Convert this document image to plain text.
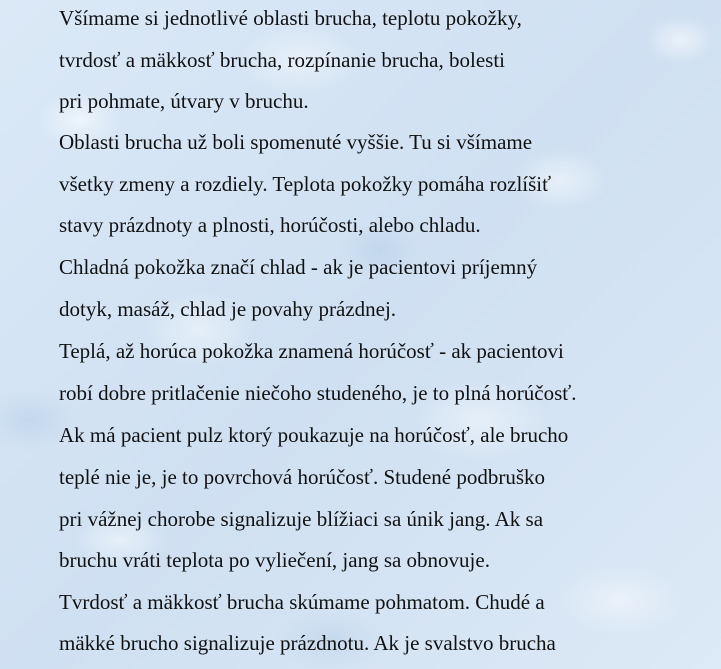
Všímame si jednotlivé oblasti brucha, teplotu pokožky,
tvrdosť a mäkkosť brucha, rozpínanie brucha, bolesti
pri pohmate, útvary v bruchu.
Oblasti brucha už boli spomenuté vyššie. Tu si všímame
všetky zmeny a rozdiely. Teplota pokožky pomáha rozlíšiť
stavy prázdnoty a plnosti, horúčosti, alebo chladu.
Chladná pokožka značí chlad - ak je pacientovi príjemný
dotyk, masáž, chlad je povahy prázdnej.
Teplá, až horúca pokožka znamená horúčosť - ak pacientovi
robí dobre pritlačenie niečoho studeného, je to plná horúčosť.
Ak má pacient pulz ktorý poukazuje na horúčosť, ale brucho
teplé nie je, je to povrchová horúčosť. Studené podbruško
pri vážnej chorobe signalizuje blížiaci sa únik jang. Ak sa
bruchu vráti teplota po vyliečení, jang sa obnovuje.
Tvrdosť a mäkkosť brucha skúmame pohmatom. Chudé a
mäkké brucho signalizuje prázdnotu. Ak je svalstvo brucha
